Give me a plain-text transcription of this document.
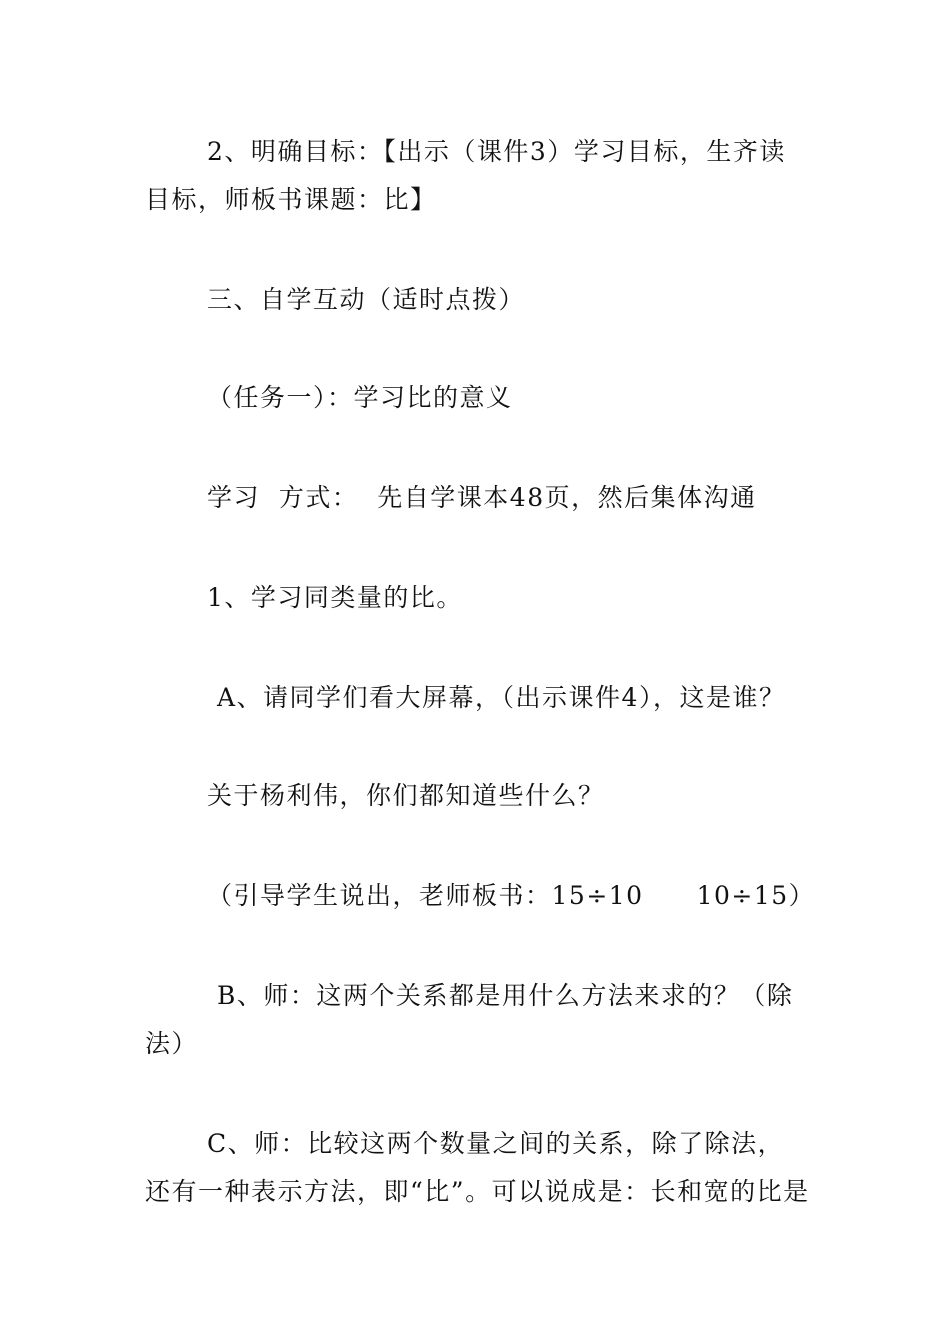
2、明确目标：【出示（课件3）学习目标，生齐读目标，师板书课题：比】

三、自学互动（适时点拨）

（任务一）：学习比的意义

学习  方式：  先自学课本48页，然后集体沟通

1、学习同类量的比。

A、请同学们看大屏幕，（出示课件4），这是谁？

关于杨利伟，你们都知道些什么？

（引导学生说出，老师板书：15÷10　　10÷15）

B、师：这两个关系都是用什么方法来求的？（除法）

C、师：比较这两个数量之间的关系，除了除法，还有一种表示方法，即“比”。可以说成是：长和宽的比是
